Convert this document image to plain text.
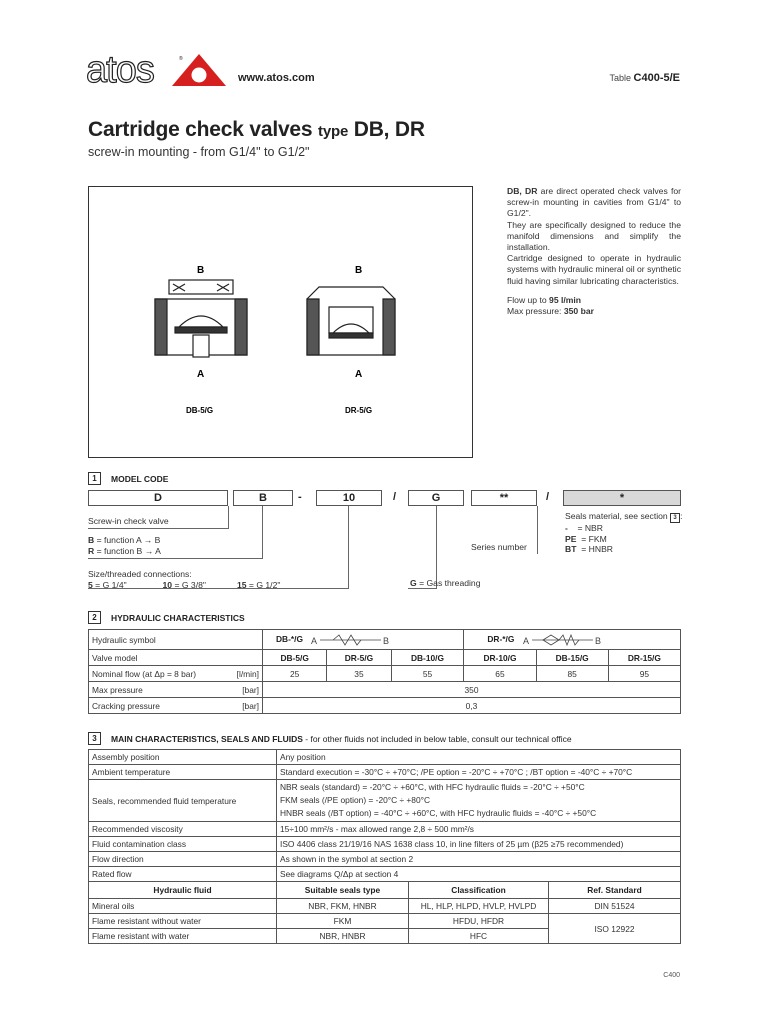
atos	®
www.atos.com	Table C400-5/E
Cartridge check valves type DB, DR
screw-in mounting - from G1/4" to G1/2"
B
A
DB-5/G
B
A
DR-5/G

DB, DR are direct operated check valves for screw-in mounting in cavities from G1/4" to G1/2".

They are specifically designed to reduce the manifold dimensions and simplify the installation.

Cartridge designed to operate in hydraulic systems with hydraulic mineral oil or synthetic fluid having similar lubricating characteristics.

Flow up to 95 l/min

Max pressure: 350 bar

1	MODEL CODE
D	B	-	10	/	G	**	/	*
Screw-in check valve
B = function A → B
R = function B → A
Size/threaded connections:
5 = G 1/4"	10 = G 3/8"	15 = G 1/2"	G = Gas threading
Series number
Seals material, see section 3 :
- = NBR
PE = FKM
BT = HNBR
2	HYDRAULIC CHARACTERISTICS
Hydraulic symbol	DB-*/G A B			DR-*/G A B		

Valve model	DB-5/G	DR-5/G	DB-10/G	DR-10/G	DB-15/G	DR-15/G
Nominal flow (at Δp = 8 bar) [l/min]	25	35	55	65	85	95
Max pressure [bar]	350					
Cracking pressure [bar]	0,3					
3	MAIN CHARACTERISTICS, SEALS AND FLUIDS
- for other fluids not included in below table, consult our technical office
Assembly position	Any position		
Ambient temperature	Standard execution = -30°C ÷ +70°C; /PE option = -20°C ÷ +70°C ; /BT option = -40°C ÷ +70°C		
Seals, recommended fluid temperature	NBR seals (standard) = -20°C ÷ +60°C, with HFC hydraulic fluids = -20°C ÷ +50°C
FKM seals (/PE option) = -20°C ÷ +80°C
HNBR seals (/BT option) = -40°C ÷ +60°C, with HFC hydraulic fluids = -40°C ÷ +50°C		

Recommended viscosity	15÷100 mm²/s - max allowed range 2,8 ÷ 500 mm²/s		
Fluid contamination class	ISO 4406 class 21/19/16 NAS 1638 class 10, in line filters of 25 µm (β25 ≥75 recommended)		
Flow direction	As shown in the symbol at section 2		
Rated flow	See diagrams Q/Δp at section 4		
Hydraulic fluid	Suitable seals type	Classification	Ref. Standard
Mineral oils	NBR, FKM, HNBR	HL, HLP, HLPD, HVLP, HVLPD	DIN 51524
Flame resistant without water	FKM	HFDU, HFDR	ISO 12922
Flame resistant with water	NBR, HNBR	HFC	
C400
